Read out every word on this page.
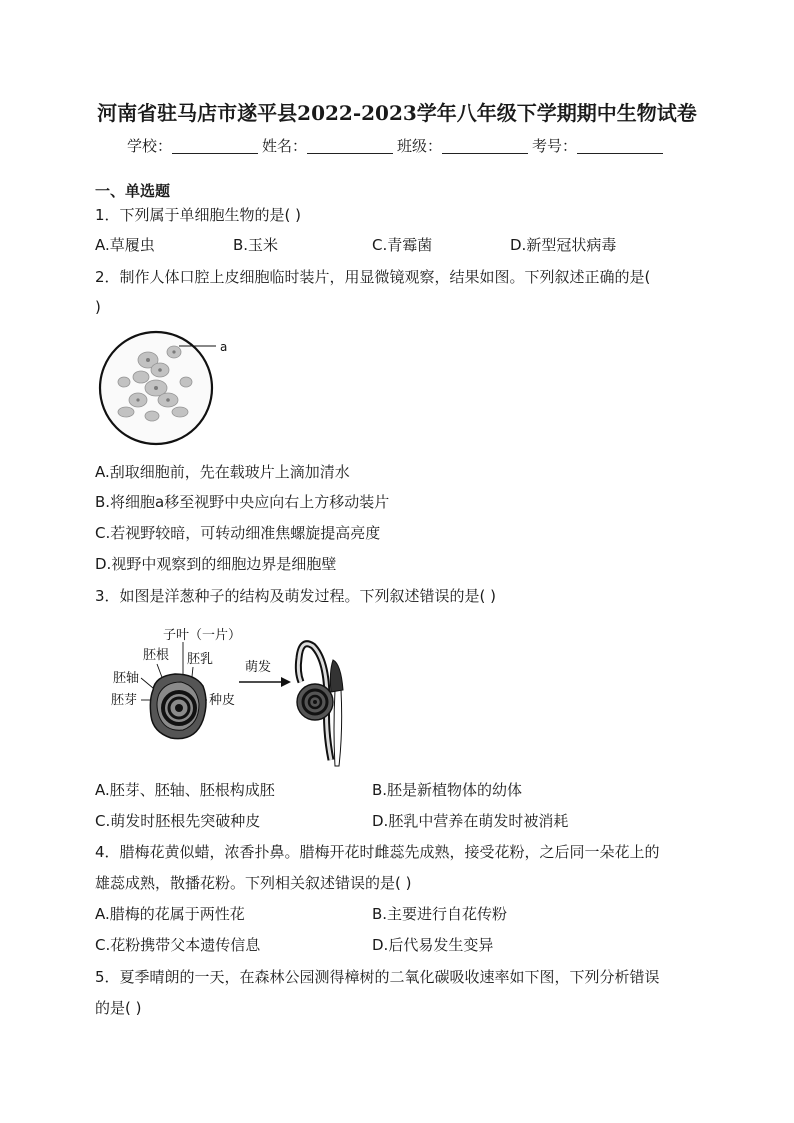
河南省驻马店市遂平县2022-2023学年八年级下学期期中生物试卷
学校：	姓名：	班级：	考号：
一、单选题
1．下列属于单细胞生物的是( )
A.草履虫	B.玉米	C.青霉菌	D.新型冠状病毒
2．制作人体口腔上皮细胞临时装片，用显微镜观察，结果如图。下列叙述正确的是(
)
a
A.刮取细胞前，先在载玻片上滴加清水
B.将细胞a移至视野中央应向右上方移动装片
C.若视野较暗，可转动细准焦螺旋提高亮度
D.视野中观察到的细胞边界是细胞壁
3．如图是洋葱种子的结构及萌发过程。下列叙述错误的是( )
子叶（一片）
胚根 胚乳
胚轴
胚芽	种皮
萌发
A.胚芽、胚轴、胚根构成胚	B.胚是新植物体的幼体
C.萌发时胚根先突破种皮	D.胚乳中营养在萌发时被消耗
4．腊梅花黄似蜡，浓香扑鼻。腊梅开花时雌蕊先成熟，接受花粉，之后同一朵花上的
雄蕊成熟，散播花粉。下列相关叙述错误的是( )
A.腊梅的花属于两性花	B.主要进行自花传粉
C.花粉携带父本遗传信息	D.后代易发生变异
5．夏季晴朗的一天，在森林公园测得樟树的二氧化碳吸收速率如下图，下列分析错误
的是( )
